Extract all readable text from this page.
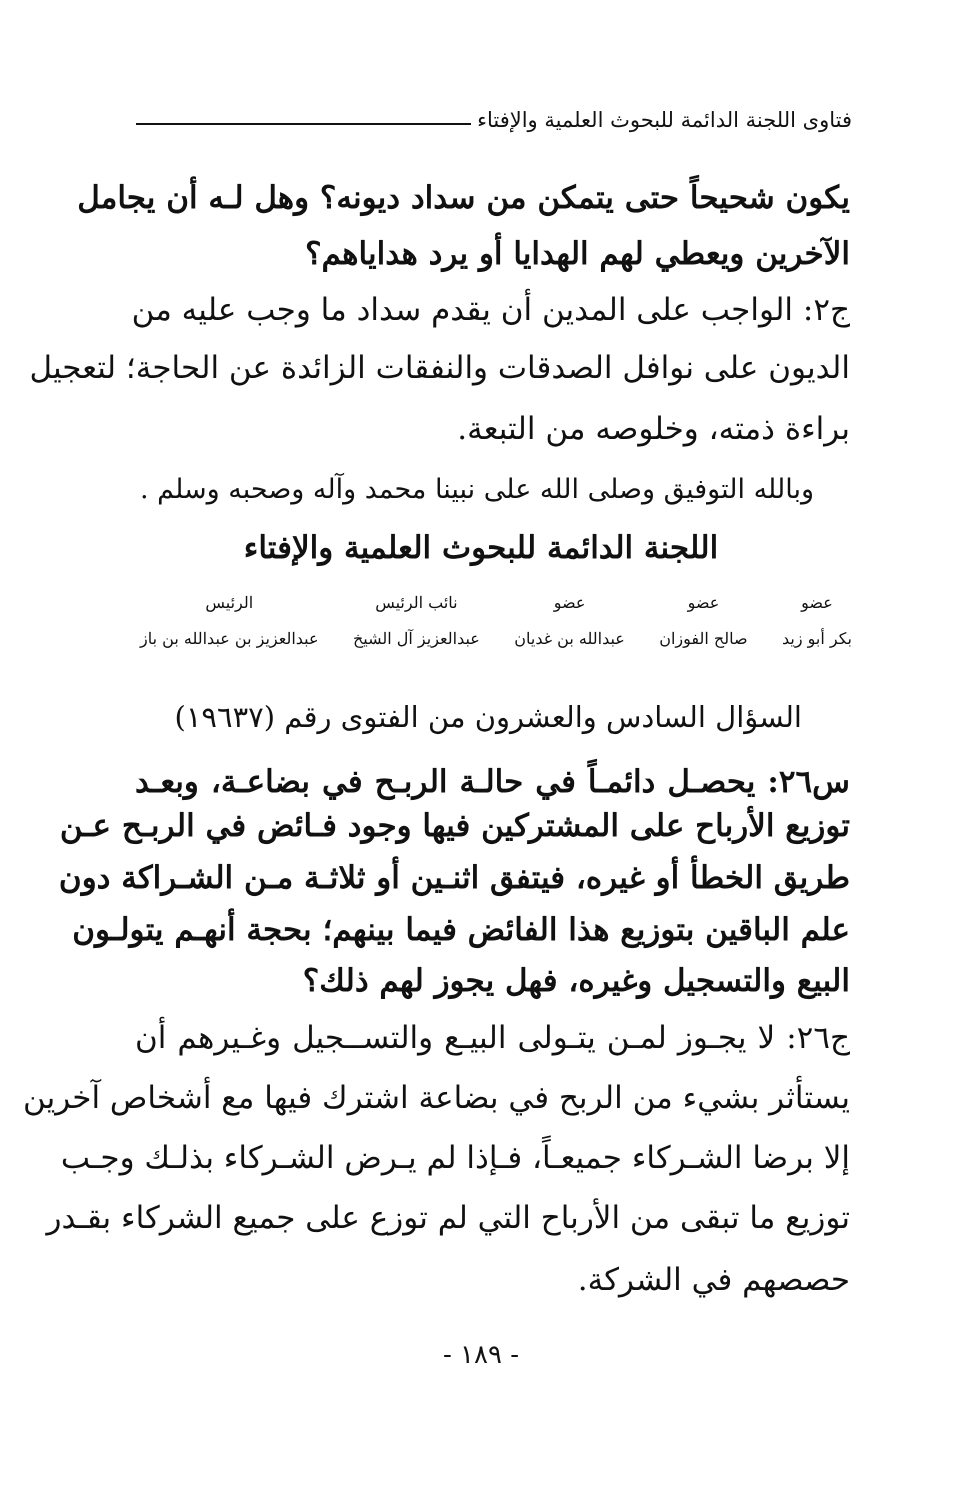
فتاوى اللجنة الدائمة للبحوث العلمية والإفتاء
يكون شحيحاً حتى يتمكن من سداد ديونه؟ وهل لـه أن يجامل
الآخرين ويعطي لهم الهدايا أو يرد هداياهم؟
ج٢: الواجب على المدين أن يقدم سداد ما وجب عليه من
الديون على نوافل الصدقات والنفقات الزائدة عن الحاجة؛ لتعجيل
براءة ذمته، وخلوصه من التبعة.
وبالله التوفيق وصلى الله على نبينا محمد وآله وصحبه وسلم .
اللجنة الدائمة للبحوث العلمية والإفتاء
عضو
بكر أبو زيد
عضو
صالح الفوزان
عضو
عبدالله بن غديان
نائب الرئيس
عبدالعزيز آل الشيخ
الرئيس
عبدالعزيز بن عبدالله بن باز
السؤال السادس والعشرون من الفتوى رقم (١٩٦٣٧)
س٢٦: يحصـل دائمـاً في حالـة الربـح في بضاعـة، وبعـد
توزيع الأرباح على المشتركين فيها وجود فـائض في الربـح عـن
طريق الخطأ أو غيره، فيتفق اثنـين أو ثلاثـة مـن الشـراكة دون
علم الباقين بتوزيع هذا الفائض فيما بينهم؛ بحجة أنهـم يتولـون
البيع والتسجيل وغيره، فهل يجوز لهم ذلك؟
ج٢٦: لا يجـوز لمـن يتـولى البيـع والتســجيل وغـيرهم أن
يستأثر بشيء من الربح في بضاعة اشترك فيها مع أشخاص آخرين
إلا برضا الشـركاء جميعـاً، فـإذا لم يـرض الشـركاء بذلـك وجـب
توزيع ما تبقى من الأرباح التي لم توزع على جميع الشركاء بقـدر
حصصهم في الشركة.
- ١٨٩ -
